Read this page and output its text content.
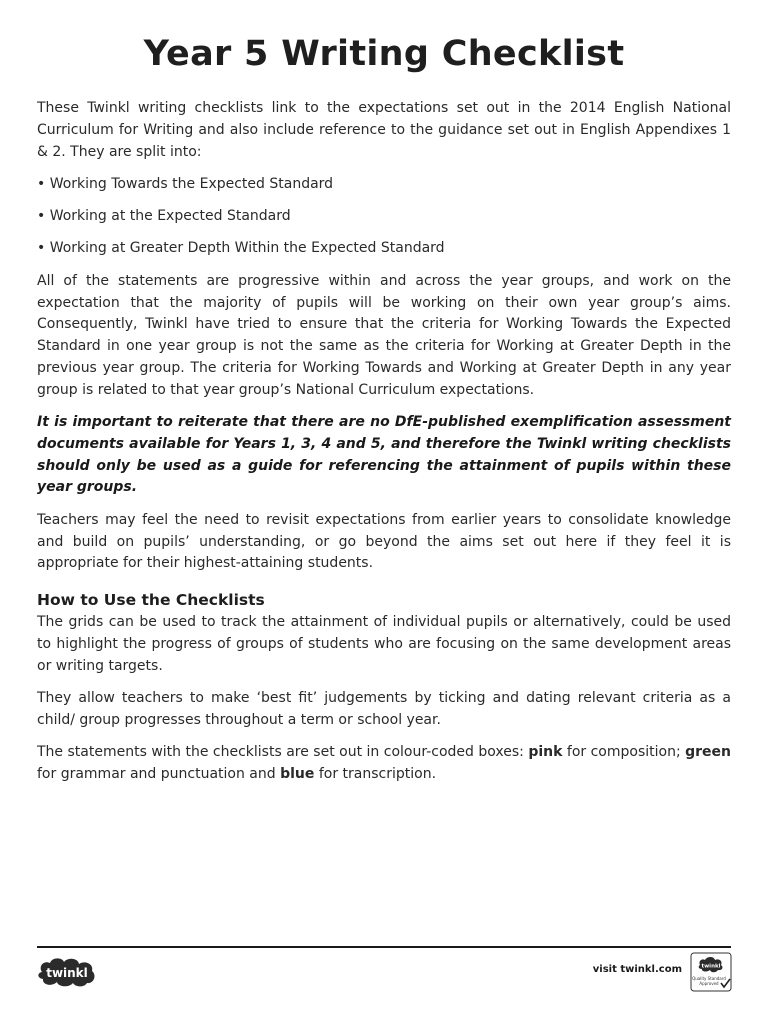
Year 5 Writing Checklist

These Twinkl writing checklists link to the expectations set out in the 2014 English National Curriculum for Writing and also include reference to the guidance set out in English Appendixes 1 & 2. They are split into:

• Working Towards the Expected Standard
• Working at the Expected Standard
• Working at Greater Depth Within the Expected Standard

All of the statements are progressive within and across the year groups, and work on the expectation that the majority of pupils will be working on their own year group’s aims. Consequently, Twinkl have tried to ensure that the criteria for Working Towards the Expected Standard in one year group is not the same as the criteria for Working at Greater Depth in the previous year group. The criteria for Working Towards and Working at Greater Depth in any year group is related to that year group’s National Curriculum expectations.

It is important to reiterate that there are no DfE-published exemplification assessment documents available for Years 1, 3, 4 and 5, and therefore the Twinkl writing checklists should only be used as a guide for referencing the attainment of pupils within these year groups.

Teachers may feel the need to revisit expectations from earlier years to consolidate knowledge and build on pupils’ understanding, or go beyond the aims set out here if they feel it is appropriate for their highest-attaining students.

How to Use the Checklists

The grids can be used to track the attainment of individual pupils or alternatively, could be used to highlight the progress of groups of students who are focusing on the same development areas or writing targets.

They allow teachers to make ‘best fit’ judgements by ticking and dating relevant criteria as a child/ group progresses throughout a term or school year.

The statements with the checklists are set out in colour-coded boxes: pink for composition; green for grammar and punctuation and blue for transcription.

twinkl	visit twinkl.com	twinkl
Quality Standard
Approved
